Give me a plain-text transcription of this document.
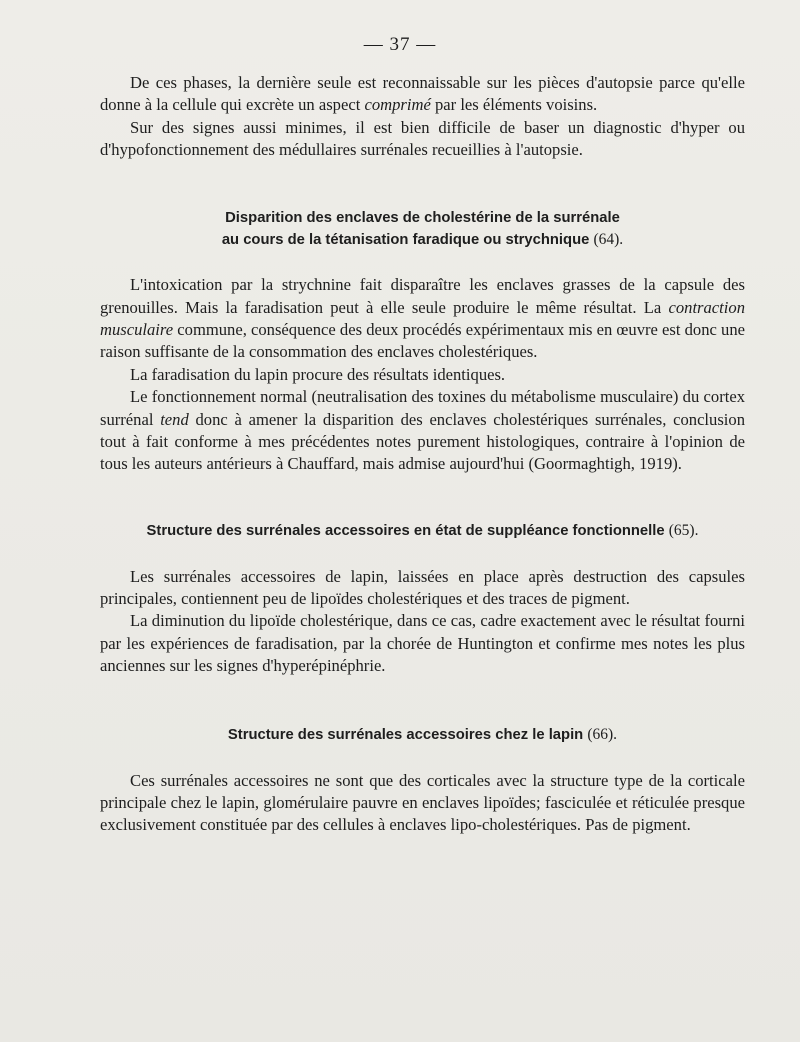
— 37 —

De ces phases, la dernière seule est reconnaissable sur les pièces d'autopsie parce qu'elle donne à la cellule qui excrète un aspect comprimé par les éléments voisins.

Sur des signes aussi minimes, il est bien difficile de baser un diagnostic d'hyper ou d'hypofonctionnement des médullaires surrénales recueillies à l'autopsie.

Disparition des enclaves de cholestérine de la surrénale
au cours de la tétanisation faradique ou strychnique (64).

L'intoxication par la strychnine fait disparaître les enclaves grasses de la capsule des grenouilles. Mais la faradisation peut à elle seule produire le même résultat. La contraction musculaire commune, conséquence des deux procédés expérimentaux mis en œuvre est donc une raison suffisante de la consommation des enclaves cholestériques.

La faradisation du lapin procure des résultats identiques.

Le fonctionnement normal (neutralisation des toxines du métabolisme musculaire) du cortex surrénal tend donc à amener la disparition des enclaves cholestériques surrénales, conclusion tout à fait conforme à mes précédentes notes purement histologiques, contraire à l'opinion de tous les auteurs antérieurs à Chauffard, mais admise aujourd'hui (Goormaghtigh, 1919).

Structure des surrénales accessoires en état de suppléance fonctionnelle (65).

Les surrénales accessoires de lapin, laissées en place après destruction des capsules principales, contiennent peu de lipoïdes cholestériques et des traces de pigment.

La diminution du lipoïde cholestérique, dans ce cas, cadre exactement avec le résultat fourni par les expériences de faradisation, par la chorée de Huntington et confirme mes notes les plus anciennes sur les signes d'hyperépinéphrie.

Structure des surrénales accessoires chez le lapin (66).

Ces surrénales accessoires ne sont que des corticales avec la structure type de la corticale principale chez le lapin, glomérulaire pauvre en enclaves lipoïdes; fasciculée et réticulée presque exclusivement constituée par des cellules à enclaves lipo-cholestériques. Pas de pigment.
